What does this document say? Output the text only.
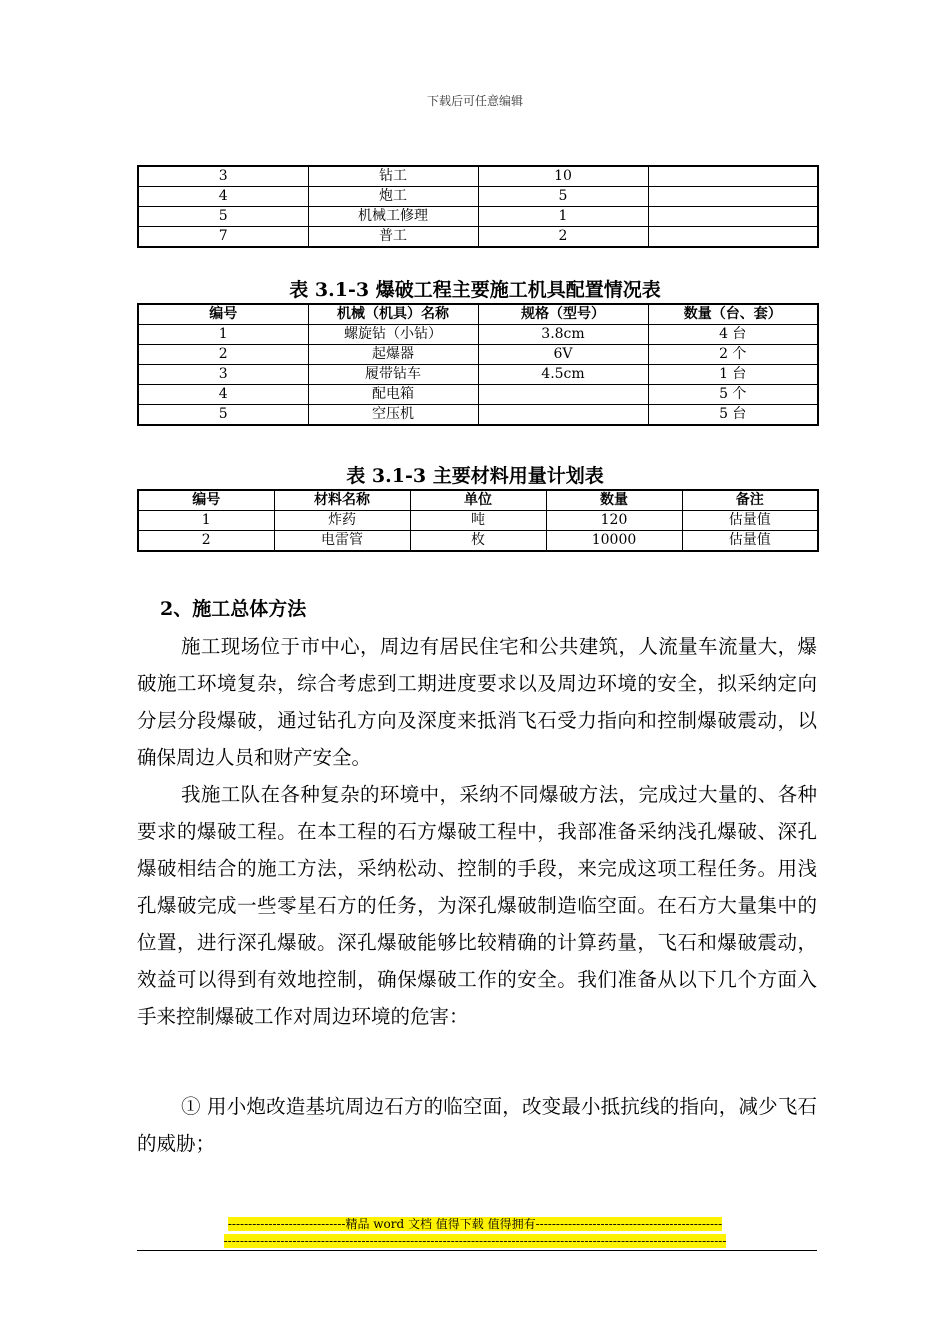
下载后可任意编辑
3	钻工	10	
4	炮工	5	
5	机械工修理	1	
7	普工	2	
表 3.1-3 爆破工程主要施工机具配置情况表
编号	机械（机具）名称	规格（型号）	数量（台、套）
1	螺旋钻（小钻）	3.8cm	4 台
2	起爆器	6V	2 个
3	履带钻车	4.5cm	1 台
4	配电箱		5 个
5	空压机		5 台
表 3.1-3 主要材料用量计划表
编号	材料名称	单位	数量	备注
1	炸药	吨	120	估量值
2	电雷管	枚	10000	估量值
2、施工总体方法

施工现场位于市中心，周边有居民住宅和公共建筑，人流量车流量大，爆破施工环境复杂，综合考虑到工期进度要求以及周边环境的安全，拟采纳定向分层分段爆破，通过钻孔方向及深度来抵消飞石受力指向和控制爆破震动，以确保周边人员和财产安全。

我施工队在各种复杂的环境中，采纳不同爆破方法，完成过大量的、各种要求的爆破工程。在本工程的石方爆破工程中，我部准备采纳浅孔爆破、深孔爆破相结合的施工方法，采纳松动、控制的手段，来完成这项工程任务。用浅孔爆破完成一些零星石方的任务，为深孔爆破制造临空面。在石方大量集中的位置，进行深孔爆破。深孔爆破能够比较精确的计算药量，飞石和爆破震动，效益可以得到有效地控制，确保爆破工作的安全。我们准备从以下几个方面入手来控制爆破工作对周边环境的危害：

① 用小炮改造基坑周边石方的临空面，改变最小抵抗线的指向，减少飞石的威胁；

-----------------------------精品 word 文档 值得下载 值得拥有----------------------------------------------
----------------------------------------------------------------------------------------------------------------------------
